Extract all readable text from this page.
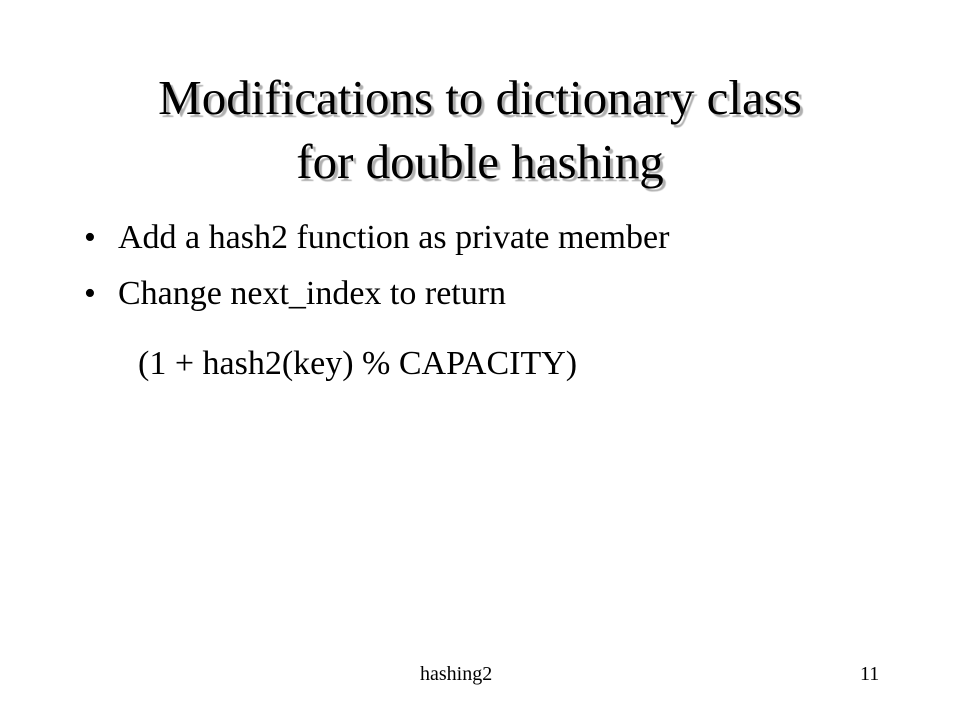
Modifications to dictionary class
for double hashing
• Add a hash2 function as private member
• Change next_index to return
(1 + hash2(key) % CAPACITY)
hashing2	11
